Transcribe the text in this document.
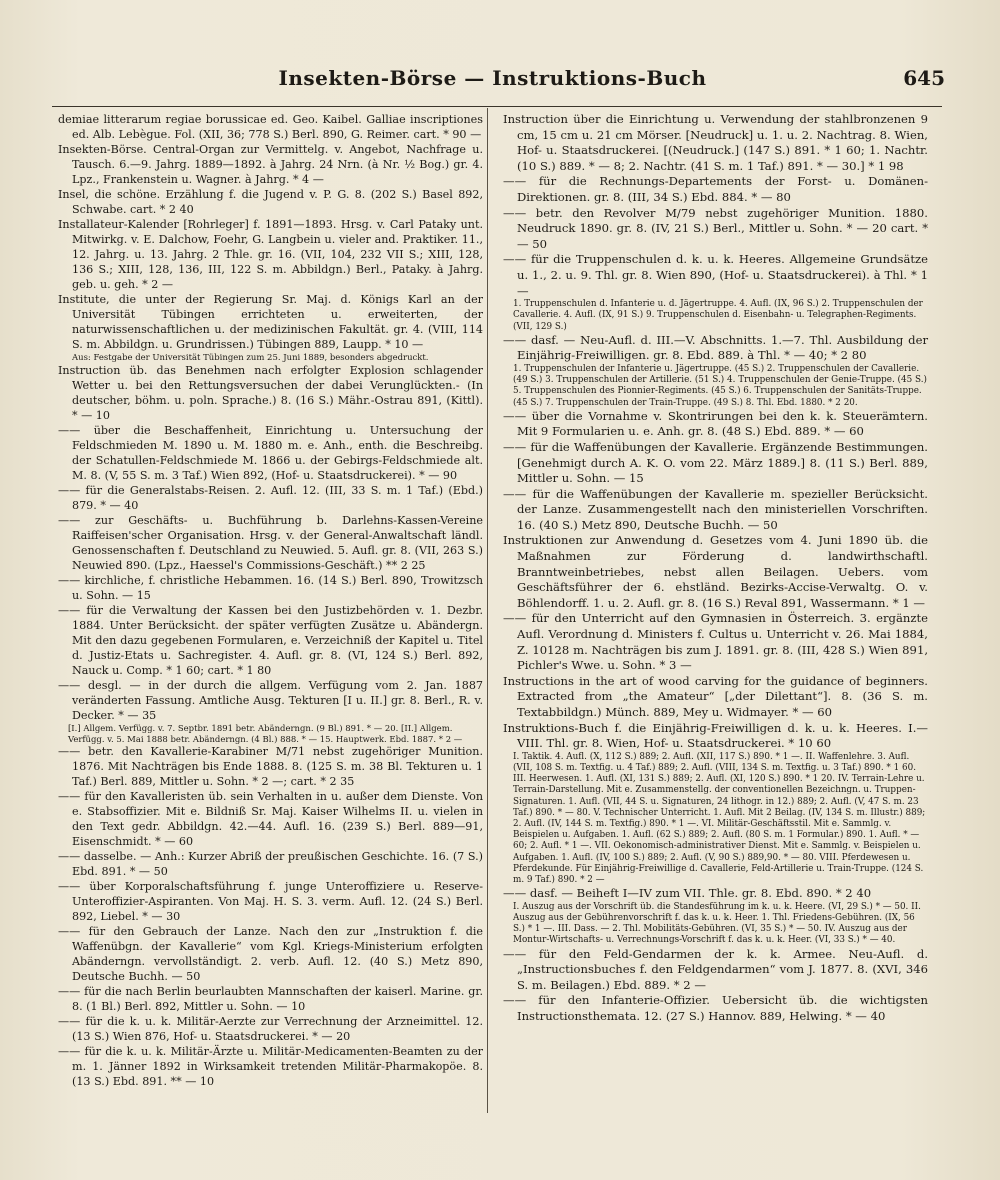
Insekten-Börse — Instruktions-Buch	645
demiae litterarum regiae borussicae ed. Geo. Kaibel. Galliae inscriptiones ed. Alb. Lebègue. Fol. (XII, 36; 778 S.) Berl. 890, G. Reimer. cart. * 90 —
Insekten-Börse. Central-Organ zur Vermittelg. v. Angebot, Nachfrage u. Tausch. 6.—9. Jahrg. 1889—1892. à Jahrg. 24 Nrn. (à Nr. ½ Bog.) gr. 4. Lpz., Frankenstein u. Wagner. à Jahrg. * 4 —
Insel, die schöne. Erzählung f. die Jugend v. P. G. 8. (202 S.) Basel 892, Schwabe. cart. * 2 40
Installateur-Kalender [Rohrleger] f. 1891—1893. Hrsg. v. Carl Pataky unt. Mitwirkg. v. E. Dalchow, Foehr, G. Langbein u. vieler and. Praktiker. 11., 12. Jahrg. u. 13. Jahrg. 2 Thle. gr. 16. (VII, 104, 232 VII S.; XIII, 128, 136 S.; XIII, 128, 136, III, 122 S. m. Abbildgn.) Berl., Pataky. à Jahrg. geb. u. geh. * 2 —
Institute, die unter der Regierung Sr. Maj. d. Königs Karl an der Universität Tübingen errichteten u. erweiterten, der naturwissenschaftlichen u. der medizinischen Fakultät. gr. 4. (VIII, 114 S. m. Abbildgn. u. Grundrissen.) Tübingen 889, Laupp. * 10 —
Aus: Festgabe der Universität Tübingen zum 25. Juni 1889, besonders abgedruckt.
Instruction üb. das Benehmen nach erfolgter Explosion schlagender Wetter u. bei den Rettungsversuchen der dabei Verunglückten.- (In deutscher, böhm. u. poln. Sprache.) 8. (16 S.) Mähr.-Ostrau 891, (Kittl). * — 10
—— über die Beschaffenheit, Einrichtung u. Untersuchung der Feldschmieden M. 1890 u. M. 1880 m. e. Anh., enth. die Beschreibg. der Schatullen-Feldschmiede M. 1866 u. der Gebirgs-Feldschmiede alt. M. 8. (V, 55 S. m. 3 Taf.) Wien 892, (Hof- u. Staatsdruckerei). * — 90
—— für die Generalstabs-Reisen. 2. Aufl. 12. (III, 33 S. m. 1 Taf.) (Ebd.) 879. * — 40
—— zur Geschäfts- u. Buchführung b. Darlehns-Kassen-Vereine Raiffeisen'scher Organisation. Hrsg. v. der General-Anwaltschaft ländl. Genossenschaften f. Deutschland zu Neuwied. 5. Aufl. gr. 8. (VII, 263 S.) Neuwied 890. (Lpz., Haessel's Commissions-Geschäft.) ** 2 25
—— kirchliche, f. christliche Hebammen. 16. (14 S.) Berl. 890, Trowitzsch u. Sohn. — 15
—— für die Verwaltung der Kassen bei den Justizbehörden v. 1. Dezbr. 1884. Unter Berücksicht. der später verfügten Zusätze u. Abändergn. Mit den dazu gegebenen Formularen, e. Verzeichniß der Kapitel u. Titel d. Justiz-Etats u. Sachregister. 4. Aufl. gr. 8. (VI, 124 S.) Berl. 892, Nauck u. Comp. * 1 60; cart. * 1 80
—— desgl. — in der durch die allgem. Verfügung vom 2. Jan. 1887 veränderten Fassung. Amtliche Ausg. Tekturen [I u. II.] gr. 8. Berl., R. v. Decker. * — 35
[I.] Allgem. Verfügg. v. 7. Septbr. 1891 betr. Abänderngn. (9 Bl.) 891. * — 20. [II.] Allgem. Verfügg. v. 5. Mai 1888 betr. Abänderngn. (4 Bl.) 888. * — 15. Hauptwerk. Ebd. 1887. * 2 —
—— betr. den Kavallerie-Karabiner M/71 nebst zugehöriger Munition. 1876. Mit Nachträgen bis Ende 1888. 8. (125 S. m. 38 Bl. Tekturen u. 1 Taf.) Berl. 889, Mittler u. Sohn. * 2 —; cart. * 2 35
—— für den Kavalleristen üb. sein Verhalten in u. außer dem Dienste. Von e. Stabsoffizier. Mit e. Bildniß Sr. Maj. Kaiser Wilhelms II. u. vielen in den Text gedr. Abbildgn. 42.—44. Aufl. 16. (239 S.) Berl. 889—91, Eisenschmidt. * — 60
—— dasselbe. — Anh.: Kurzer Abriß der preußischen Geschichte. 16. (7 S.) Ebd. 891. * — 50
—— über Korporalschaftsführung f. junge Unteroffiziere u. Reserve-Unteroffizier-Aspiranten. Von Maj. H. S. 3. verm. Aufl. 12. (24 S.) Berl. 892, Liebel. * — 30
—— für den Gebrauch der Lanze. Nach den zur „Instruktion f. die Waffenübgn. der Kavallerie“ vom Kgl. Kriegs-Ministerium erfolgten Abänderngn. vervollständigt. 2. verb. Aufl. 12. (40 S.) Metz 890, Deutsche Buchh. — 50
—— für die nach Berlin beurlaubten Mannschaften der kaiserl. Marine. gr. 8. (1 Bl.) Berl. 892, Mittler u. Sohn. — 10
—— für die k. u. k. Militär-Aerzte zur Verrechnung der Arzneimittel. 12. (13 S.) Wien 876, Hof- u. Staatsdruckerei. * — 20
—— für die k. u. k. Militär-Ärzte u. Militär-Medicamenten-Beamten zu der m. 1. Jänner 1892 in Wirksamkeit tretenden Militär-Pharmakopöe. 8. (13 S.) Ebd. 891. ** — 10
Instruction über die Einrichtung u. Verwendung der stahlbronzenen 9 cm, 15 cm u. 21 cm Mörser. [Neudruck] u. 1. u. 2. Nachtrag. 8. Wien, Hof- u. Staatsdruckerei. [(Neudruck.] (147 S.) 891. * 1 60; 1. Nachtr. (10 S.) 889. * — 8; 2. Nachtr. (41 S. m. 1 Taf.) 891. * — 30.] * 1 98
—— für die Rechnungs-Departements der Forst- u. Domänen-Direktionen. gr. 8. (III, 34 S.) Ebd. 884. * — 80
—— betr. den Revolver M/79 nebst zugehöriger Munition. 1880. Neudruck 1890. gr. 8. (IV, 21 S.) Berl., Mittler u. Sohn. * — 20 cart. * — 50
—— für die Truppenschulen d. k. u. k. Heeres. Allgemeine Grundsätze u. 1., 2. u. 9. Thl. gr. 8. Wien 890, (Hof- u. Staatsdruckerei). à Thl. * 1 —
1. Truppenschulen d. Infanterie u. d. Jägertruppe. 4. Aufl. (IX, 96 S.) 2. Truppenschulen der Cavallerie. 4. Aufl. (IX, 91 S.) 9. Truppenschulen d. Eisenbahn- u. Telegraphen-Regiments. (VII, 129 S.)
—— dasf. — Neu-Aufl. d. III.—V. Abschnitts. 1.—7. Thl. Ausbildung der Einjährig-Freiwilligen. gr. 8. Ebd. 889. à Thl. * — 40; * 2 80
1. Truppenschulen der Infanterie u. Jägertruppe. (45 S.) 2. Truppenschulen der Cavallerie. (49 S.) 3. Truppenschulen der Artillerie. (51 S.) 4. Truppenschulen der Genie-Truppe. (45 S.) 5. Truppenschulen des Pionnier-Regiments. (45 S.) 6. Truppenschulen der Sanitäts-Truppe. (45 S.) 7. Truppenschulen der Train-Truppe. (49 S.) 8. Thl. Ebd. 1880. * 2 20.
—— über die Vornahme v. Skontrirungen bei den k. k. Steuerämtern. Mit 9 Formularien u. e. Anh. gr. 8. (48 S.) Ebd. 889. * — 60
—— für die Waffenübungen der Kavallerie. Ergänzende Bestimmungen. [Genehmigt durch A. K. O. vom 22. März 1889.] 8. (11 S.) Berl. 889, Mittler u. Sohn. — 15
—— für die Waffenübungen der Kavallerie m. spezieller Berücksicht. der Lanze. Zusammengestellt nach den ministeriellen Vorschriften. 16. (40 S.) Metz 890, Deutsche Buchh. — 50
Instruktionen zur Anwendung d. Gesetzes vom 4. Juni 1890 üb. die Maßnahmen zur Förderung d. landwirthschaftl. Branntweinbetriebes, nebst allen Beilagen. Uebers. vom Geschäftsführer der 6. ehstländ. Bezirks-Accise-Verwaltg. O. v. Böhlendorff. 1. u. 2. Aufl. gr. 8. (16 S.) Reval 891, Wassermann. * 1 —
—— für den Unterricht auf den Gymnasien in Österreich. 3. ergänzte Aufl. Verordnung d. Ministers f. Cultus u. Unterricht v. 26. Mai 1884, Z. 10128 m. Nachträgen bis zum J. 1891. gr. 8. (III, 428 S.) Wien 891, Pichler's Wwe. u. Sohn. * 3 —
Instructions in the art of wood carving for the guidance of beginners. Extracted from „the Amateur“ [„der Dilettant“]. 8. (36 S. m. Textabbildgn.) Münch. 889, Mey u. Widmayer. * — 60
Instruktions-Buch f. die Einjährig-Freiwilligen d. k. u. k. Heeres. I.—VIII. Thl. gr. 8. Wien, Hof- u. Staatsdruckerei. * 10 60
I. Taktik. 4. Aufl. (X, 112 S.) 889; 2. Aufl. (XII, 117 S.) 890. * 1 —. II. Waffenlehre. 3. Aufl. (VII, 108 S. m. Textfig. u. 4 Taf.) 889; 2. Aufl. (VIII, 134 S. m. Textfig. u. 3 Taf.) 890. * 1 60. III. Heerwesen. 1. Aufl. (XI, 131 S.) 889; 2. Aufl. (XI, 120 S.) 890. * 1 20. IV. Terrain-Lehre u. Terrain-Darstellung. Mit e. Zusammenstellg. der conventionellen Bezeichngn. u. Truppen-Signaturen. 1. Aufl. (VII, 44 S. u. Signaturen, 24 lithogr. in 12.) 889; 2. Aufl. (V, 47 S. m. 23 Taf.) 890. * — 80. V. Technischer Unterricht. 1. Aufl. Mit 2 Beilag. (IV, 134 S. m. Illustr.) 889; 2. Aufl. (IV, 144 S. m. Textfig.) 890. * 1 —. VI. Militär-Geschäftsstil. Mit e. Sammlg. v. Beispielen u. Aufgaben. 1. Aufl. (62 S.) 889; 2. Aufl. (80 S. m. 1 Formular.) 890. 1. Aufl. * — 60; 2. Aufl. * 1 —. VII. Oekonomisch-administrativer Dienst. Mit e. Sammlg. v. Beispielen u. Aufgaben. 1. Aufl. (IV, 100 S.) 889; 2. Aufl. (V, 90 S.) 889,90. * — 80. VIII. Pferdewesen u. Pferdekunde. Für Einjährig-Freiwillige d. Cavallerie, Feld-Artillerie u. Train-Truppe. (124 S. m. 9 Taf.) 890. * 2 —
—— dasf. — Beiheft I—IV zum VII. Thle. gr. 8. Ebd. 890. * 2 40
I. Auszug aus der Vorschrift üb. die Standesführung im k. u. k. Heere. (VI, 29 S.) * — 50. II. Auszug aus der Gebührenvorschrift f. das k. u. k. Heer. 1. Thl. Friedens-Gebühren. (IX, 56 S.) * 1 —. III. Dass. — 2. Thl. Mobilitäts-Gebühren. (VI, 35 S.) * — 50. IV. Auszug aus der Montur-Wirtschafts- u. Verrechnungs-Vorschrift f. das k. u. k. Heer. (VI, 33 S.) * — 40.
—— für den Feld-Gendarmen der k. k. Armee. Neu-Aufl. d. „Instructionsbuches f. den Feldgendarmen“ vom J. 1877. 8. (XVI, 346 S. m. Beilagen.) Ebd. 889. * 2 —
—— für den Infanterie-Offizier. Uebersicht üb. die wichtigsten Instructionsthemata. 12. (27 S.) Hannov. 889, Helwing. * — 40
